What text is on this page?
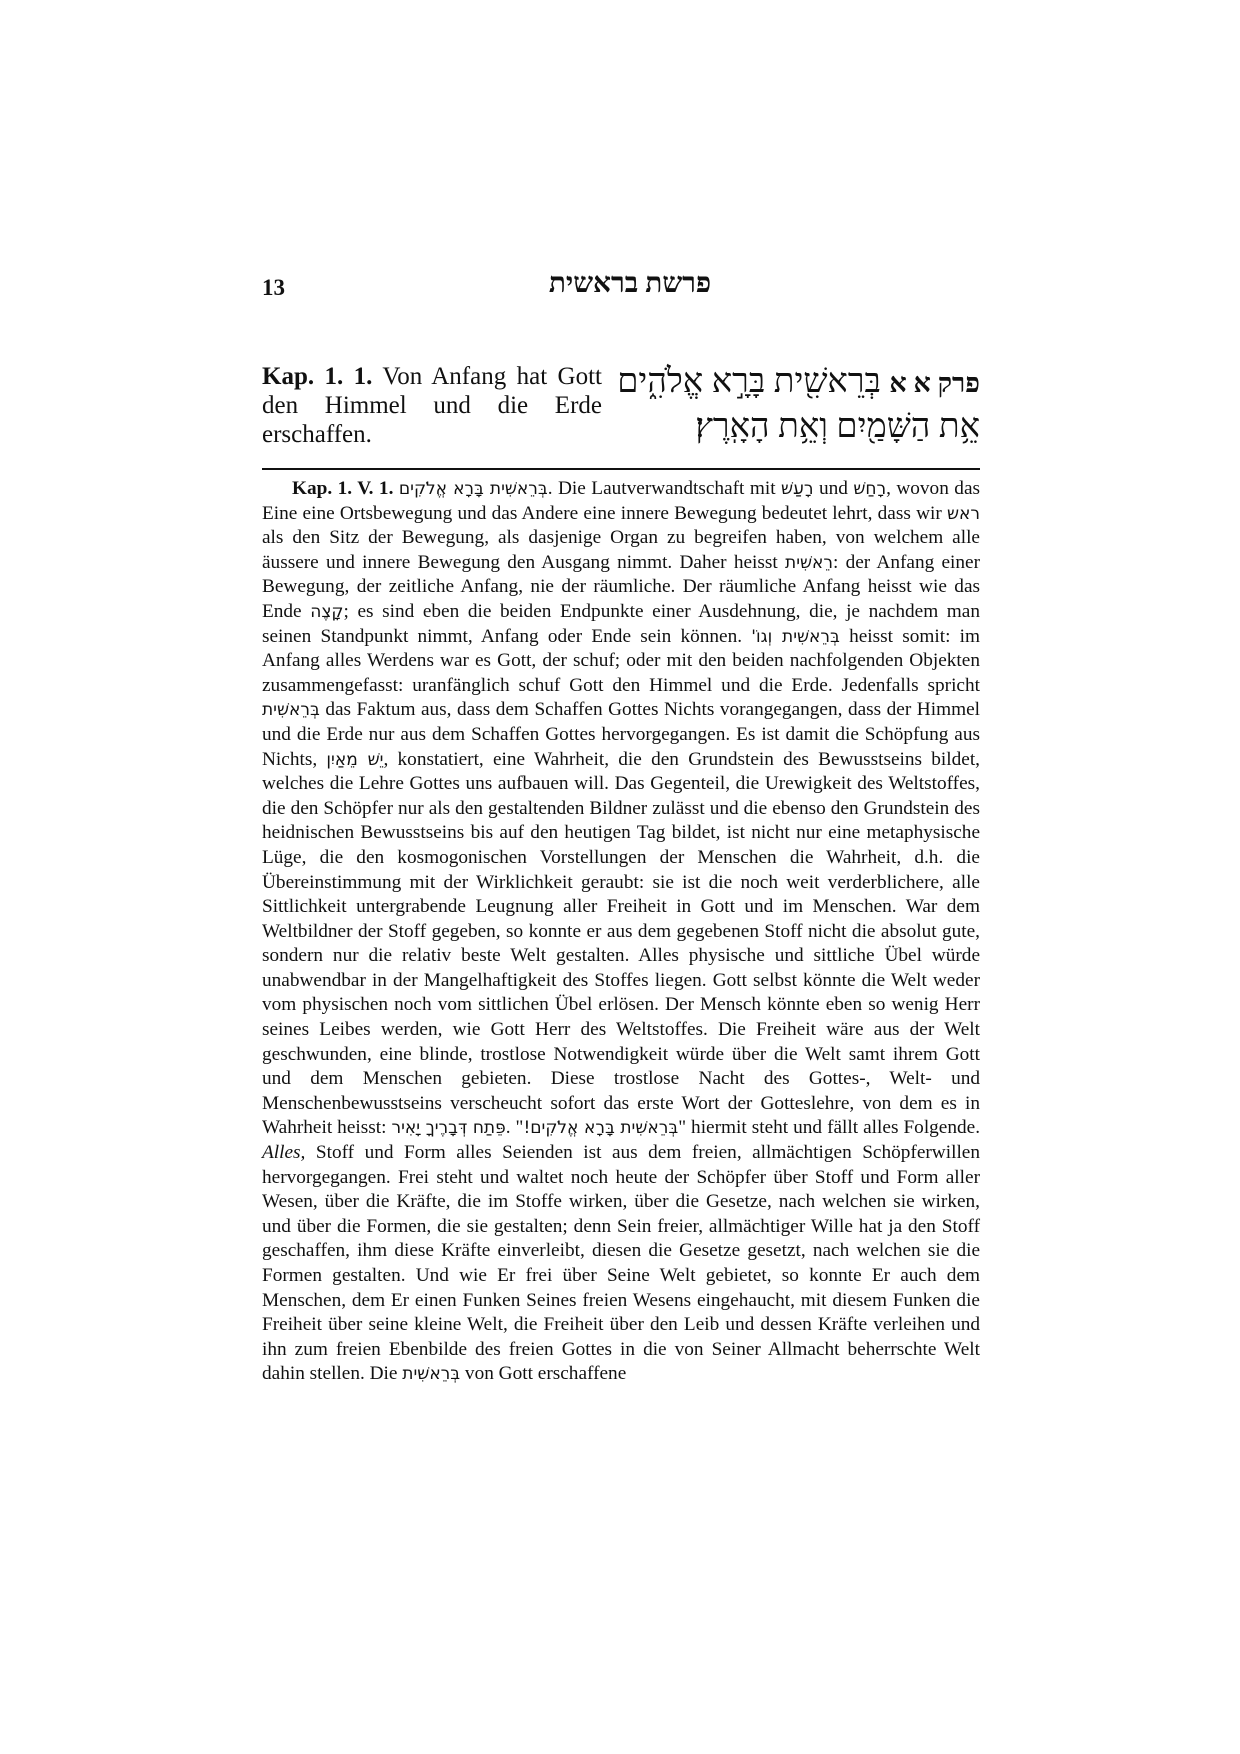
13	פרשת בראשית
Kap. 1. 1. Von Anfang hat Gott den Himmel und die Erde erschaffen.
פרק א א בְּרֵאשִׁ֖ית בָּרָ֣א אֱלֹהִ֑ים
אֵ֥ת הַשָּׁמַ֖יִם וְאֵ֥ת הָאָֽרֶץ׃

Kap. 1. V. 1. בְּרֵאשִׁית בָּרָא אֱלֹקִים. Die Lautverwandtschaft mit רָעַשׁ und רָחַשׁ, wovon das Eine eine Ortsbewegung und das Andere eine innere Bewegung bedeutet lehrt, dass wir ראש als den Sitz der Bewegung, als dasjenige Organ zu begreifen haben, von welchem alle äussere und innere Bewegung den Ausgang nimmt. Daher heisst רֵאשִׁית: der Anfang einer Bewegung, der zeitliche Anfang, nie der räumliche. Der räumliche Anfang heisst wie das Ende קָצֶה; es sind eben die beiden Endpunkte einer Ausdehnung, die, je nachdem man seinen Standpunkt nimmt, Anfang oder Ende sein können. בְּרֵאשִׁית וְגוֹ' heisst somit: im Anfang alles Werdens war es Gott, der schuf; oder mit den beiden nachfolgenden Objekten zusammengefasst: uranfänglich schuf Gott den Himmel und die Erde. Jedenfalls spricht בְּרֵאשִׁית das Faktum aus, dass dem Schaffen Gottes Nichts vorangegangen, dass der Himmel und die Erde nur aus dem Schaffen Gottes hervorgegangen. Es ist damit die Schöpfung aus Nichts, יֵשׁ מֵאַיִן, konstatiert, eine Wahrheit, die den Grundstein des Bewusstseins bildet, welches die Lehre Gottes uns aufbauen will. Das Gegenteil, die Urewigkeit des Weltstoffes, die den Schöpfer nur als den gestaltenden Bildner zulässt und die ebenso den Grundstein des heidnischen Bewusstseins bis auf den heutigen Tag bildet, ist nicht nur eine metaphysische Lüge, die den kosmogonischen Vorstellungen der Menschen die Wahrheit, d.h. die Übereinstimmung mit der Wirklichkeit geraubt: sie ist die noch weit verderblichere, alle Sittlichkeit untergrabende Leugnung aller Freiheit in Gott und im Menschen. War dem Weltbildner der Stoff gegeben, so konnte er aus dem gegebenen Stoff nicht die absolut gute, sondern nur die relativ beste Welt gestalten. Alles physische und sittliche Übel würde unabwendbar in der Mangelhaftigkeit des Stoffes liegen. Gott selbst könnte die Welt weder vom physischen noch vom sittlichen Übel erlösen. Der Mensch könnte eben so wenig Herr seines Leibes werden, wie Gott Herr des Weltstoffes. Die Freiheit wäre aus der Welt geschwunden, eine blinde, trostlose Notwendigkeit würde über die Welt samt ihrem Gott und dem Menschen gebieten. Diese trostlose Nacht des Gottes-, Welt- und Menschenbewusstseins verscheucht sofort das erste Wort der Gotteslehre, von dem es in Wahrheit heisst: פֵּתַח דְּבָרֶיךָ יָאִיר. "בְּרֵאשִׁית בָּרָא אֱלֹקִים!" hiermit steht und fällt alles Folgende. Alles, Stoff und Form alles Seienden ist aus dem freien, allmächtigen Schöpferwillen hervorgegangen. Frei steht und waltet noch heute der Schöpfer über Stoff und Form aller Wesen, über die Kräfte, die im Stoffe wirken, über die Gesetze, nach welchen sie wirken, und über die Formen, die sie gestalten; denn Sein freier, allmächtiger Wille hat ja den Stoff geschaffen, ihm diese Kräfte einverleibt, diesen die Gesetze gesetzt, nach welchen sie die Formen gestalten. Und wie Er frei über Seine Welt gebietet, so konnte Er auch dem Menschen, dem Er einen Funken Seines freien Wesens eingehaucht, mit diesem Funken die Freiheit über seine kleine Welt, die Freiheit über den Leib und dessen Kräfte verleihen und ihn zum freien Ebenbilde des freien Gottes in die von Seiner Allmacht beherrschte Welt dahin stellen. Die בְּרֵאשִׁית von Gott erschaffene
